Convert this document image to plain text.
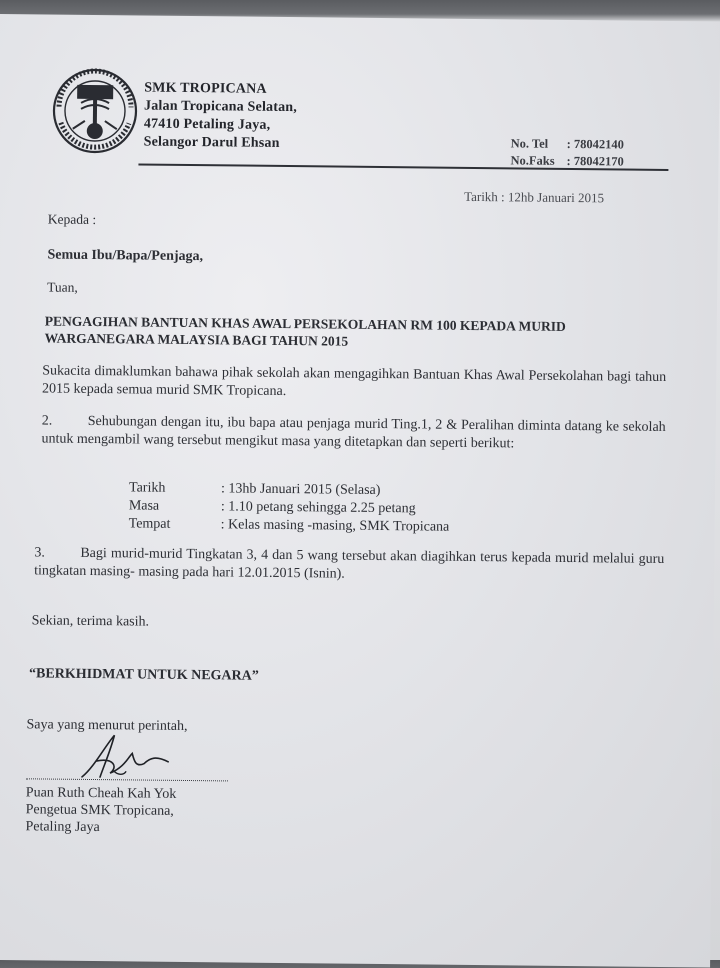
SMK TROPICANA
Jalan Tropicana Selatan,
47410 Petaling Jaya,
Selangor Darul Ehsan	No. Tel : 78042140
No.Faks : 78042170
Tarikh : 12hb Januari 2015
Kepada :
Semua Ibu/Bapa/Penjaga,
Tuan,
PENGAGIHAN BANTUAN KHAS AWAL PERSEKOLAHAN RM 100 KEPADA MURID
WARGANEGARA MALAYSIA BAGI TAHUN 2015
Sukacita dimaklumkan bahawa pihak sekolah akan mengagihkan Bantuan Khas Awal Persekolahan bagi tahun 2015 kepada semua murid SMK Tropicana.
2.	Sehubungan dengan itu, ibu bapa atau penjaga murid Ting.1, 2 & Peralihan diminta datang ke sekolah untuk mengambil wang tersebut mengikut masa yang ditetapkan dan seperti berikut:
Tarikh	: 13hb Januari 2015 (Selasa)
Masa	: 1.10 petang sehingga 2.25 petang
Tempat	: Kelas masing -masing, SMK Tropicana
3.	Bagi murid-murid Tingkatan 3, 4 dan 5 wang tersebut akan diagihkan terus kepada murid melalui guru tingkatan masing- masing pada hari 12.01.2015 (Isnin).
Sekian, terima kasih.
“BERKHIDMAT UNTUK NEGARA”
Saya yang menurut perintah,
Puan Ruth Cheah Kah Yok
Pengetua SMK Tropicana,
Petaling Jaya
